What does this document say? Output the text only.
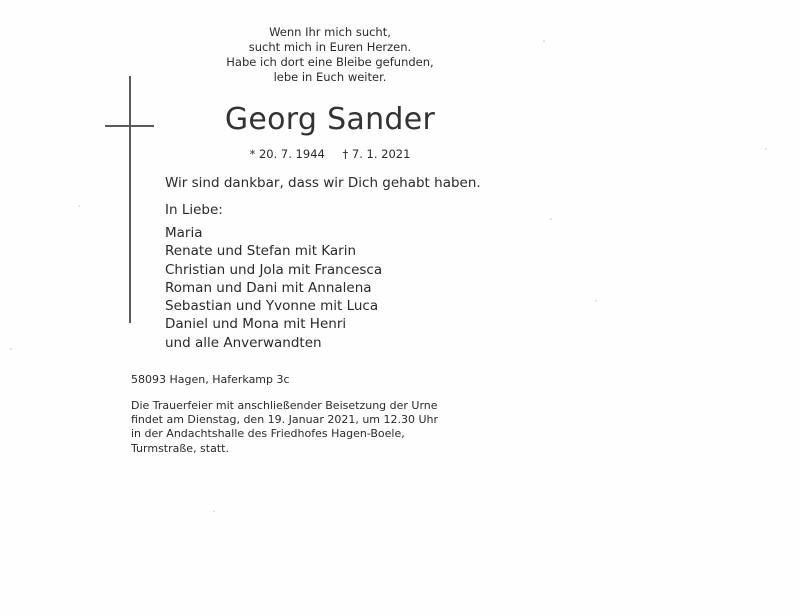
Wenn Ihr mich sucht,
sucht mich in Euren Herzen.
Habe ich dort eine Bleibe gefunden,
lebe in Euch weiter.
Georg Sander
* 20. 7. 1944 † 7. 1. 2021
Wir sind dankbar, dass wir Dich gehabt haben.
In Liebe:
Maria
Renate und Stefan mit Karin
Christian und Jola mit Francesca
Roman und Dani mit Annalena
Sebastian und Yvonne mit Luca
Daniel und Mona mit Henri
und alle Anverwandten
58093 Hagen, Haferkamp 3c
Die Trauerfeier mit anschließender Beisetzung der Urne
findet am Dienstag, den 19. Januar 2021, um 12.30 Uhr
in der Andachtshalle des Friedhofes Hagen-Boele,
Turmstraße, statt.
